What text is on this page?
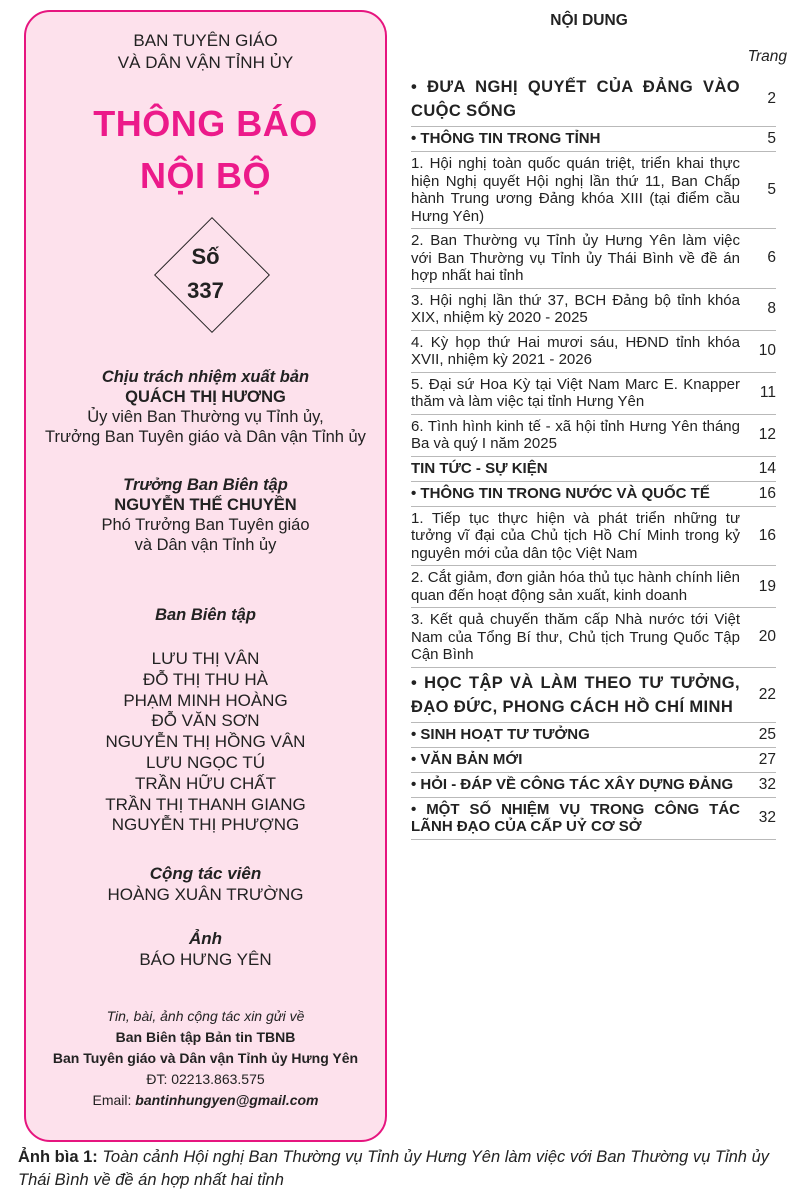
BAN TUYÊN GIÁO
VÀ DÂN VẬN TỈNH ỦY
THÔNG BÁO
NỘI BỘ
Số
337
Chịu trách nhiệm xuất bản
QUÁCH THỊ HƯƠNG
Ủy viên Ban Thường vụ Tỉnh ủy,
Trưởng Ban Tuyên giáo và Dân vận Tỉnh ủy
Trưởng Ban Biên tập
NGUYỄN THẾ CHUYỀN
Phó Trưởng Ban Tuyên giáo
và Dân vận Tỉnh ủy
Ban Biên tập
LƯU THỊ VÂN
ĐỖ THỊ THU HÀ
PHẠM MINH HOÀNG
ĐỖ VĂN SƠN
NGUYỄN THỊ HỒNG VÂN
LƯU NGỌC TÚ
TRẦN HỮU CHẤT
TRẦN THỊ THANH GIANG
NGUYỄN THỊ PHƯỢNG
Cộng tác viên
HOÀNG XUÂN TRƯỜNG
Ảnh
BÁO HƯNG YÊN
Tin, bài, ảnh cộng tác xin gửi về
Ban Biên tập Bản tin TBNB
Ban Tuyên giáo và Dân vận Tỉnh ủy Hưng Yên
ĐT: 02213.863.575
Email: bantinhungyen@gmail.com
NỘI DUNG
Trang
• ĐƯA NGHỊ QUYẾT CỦA ĐẢNG VÀO CUỘC SỐNG
2
• THÔNG TIN TRONG TỈNH	5
1. Hội nghị toàn quốc quán triệt, triển khai thực hiện Nghị quyết Hội nghị lần thứ 11, Ban Chấp hành Trung ương Đảng khóa XIII (tại điểm cầu Hưng Yên)
5
2. Ban Thường vụ Tỉnh ủy Hưng Yên làm việc với Ban Thường vụ Tỉnh ủy Thái Bình về đề án hợp nhất hai tỉnh
6
3. Hội nghị lần thứ 37, BCH Đảng bộ tỉnh khóa XIX, nhiệm kỳ 2020 - 2025
8
4. Kỳ họp thứ Hai mươi sáu, HĐND tỉnh khóa XVII, nhiệm kỳ 2021 - 2026
10
5. Đại sứ Hoa Kỳ tại Việt Nam Marc E. Knapper thăm và làm việc tại tỉnh Hưng Yên
11
6. Tình hình kinh tế - xã hội tỉnh Hưng Yên tháng Ba và quý I năm 2025
12
TIN TỨC - SỰ KIỆN	14
• THÔNG TIN TRONG NƯỚC VÀ QUỐC TẾ	16
1. Tiếp tục thực hiện và phát triển những tư tưởng vĩ đại của Chủ tịch Hồ Chí Minh trong kỷ nguyên mới của dân tộc Việt Nam
16
2. Cắt giảm, đơn giản hóa thủ tục hành chính liên quan đến hoạt động sản xuất, kinh doanh
19
3. Kết quả chuyến thăm cấp Nhà nước tới Việt Nam của Tổng Bí thư, Chủ tịch Trung Quốc Tập Cận Bình
20
• HỌC TẬP VÀ LÀM THEO TƯ TƯỞNG, ĐẠO ĐỨC, PHONG CÁCH HỒ CHÍ MINH
22
• SINH HOẠT TƯ TƯỞNG	25
• VĂN BẢN MỚI	27
• HỎI - ĐÁP VỀ CÔNG TÁC XÂY DỰNG ĐẢNG	32
• MỘT SỐ NHIỆM VỤ TRONG CÔNG TÁC LÃNH ĐẠO CỦA CẤP UỶ CƠ SỞ
32
Ảnh bìa 1: Toàn cảnh Hội nghị Ban Thường vụ Tỉnh ủy Hưng Yên làm việc với Ban Thường vụ Tỉnh ủy Thái Bình về đề án hợp nhất hai tỉnh
